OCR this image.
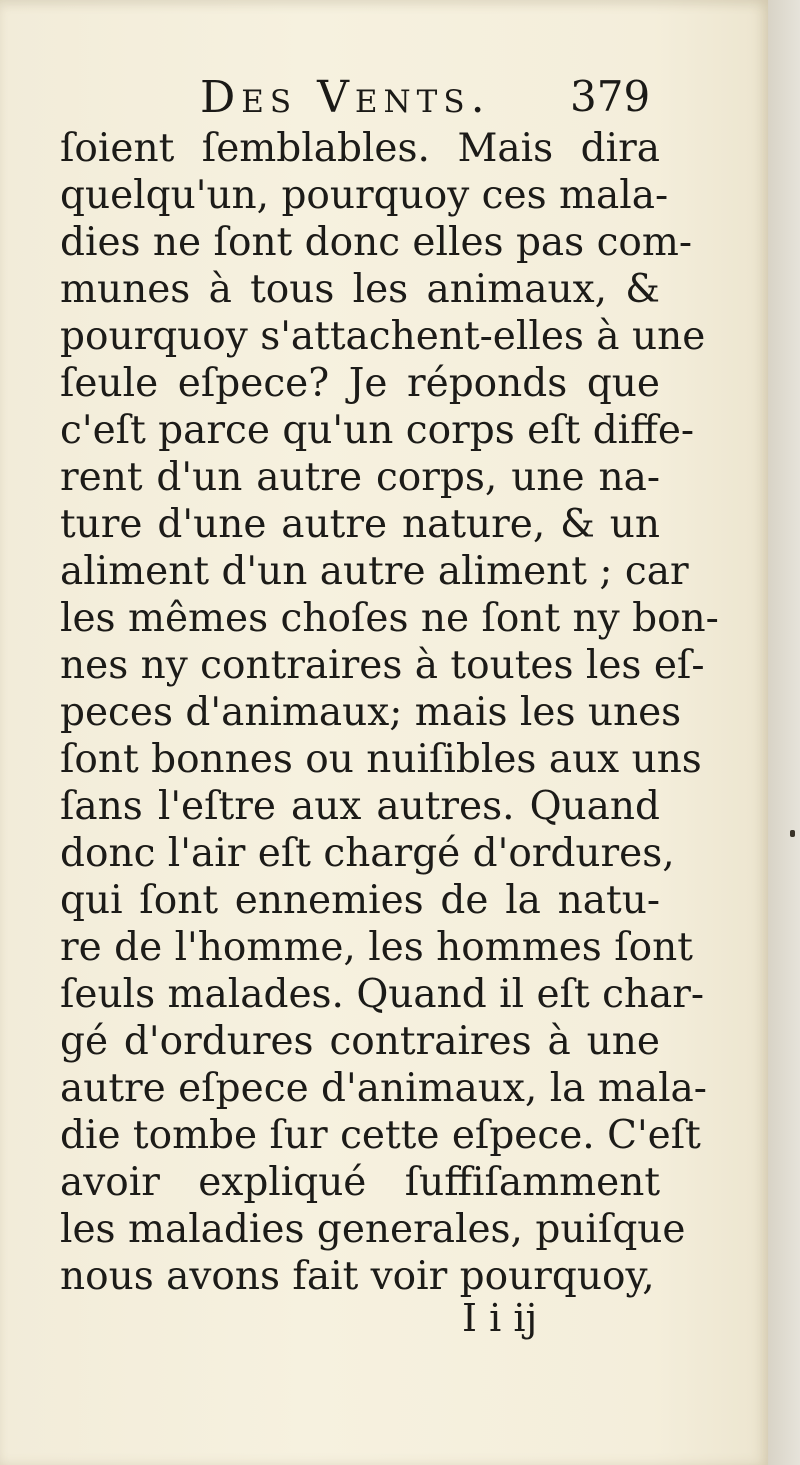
Des Vents. 379
ſoient ſemblables. Mais dira
quelqu'un, pourquoy ces mala-
dies ne ſont donc elles pas com-
munes à tous les animaux, &
pourquoy s'attachent-elles à une
ſeule eſpece? Je réponds que
c'eſt parce qu'un corps eſt diffe-
rent d'un autre corps, une na-
ture d'une autre nature, & un
aliment d'un autre aliment ; car
les mêmes choſes ne ſont ny bon-
nes ny contraires à toutes les eſ-
peces d'animaux; mais les unes
ſont bonnes ou nuiſibles aux uns
ſans l'eſtre aux autres. Quand
donc l'air eſt chargé d'ordures,
qui ſont ennemies de la natu-
re de l'homme, les hommes ſont
ſeuls malades. Quand il eſt char-
gé d'ordures contraires à une
autre eſpece d'animaux, la mala-
die tombe ſur cette eſpece. C'eſt
avoir expliqué ſuffiſamment
les maladies generales, puiſque
nous avons fait voir pourquoy,
I i ij
